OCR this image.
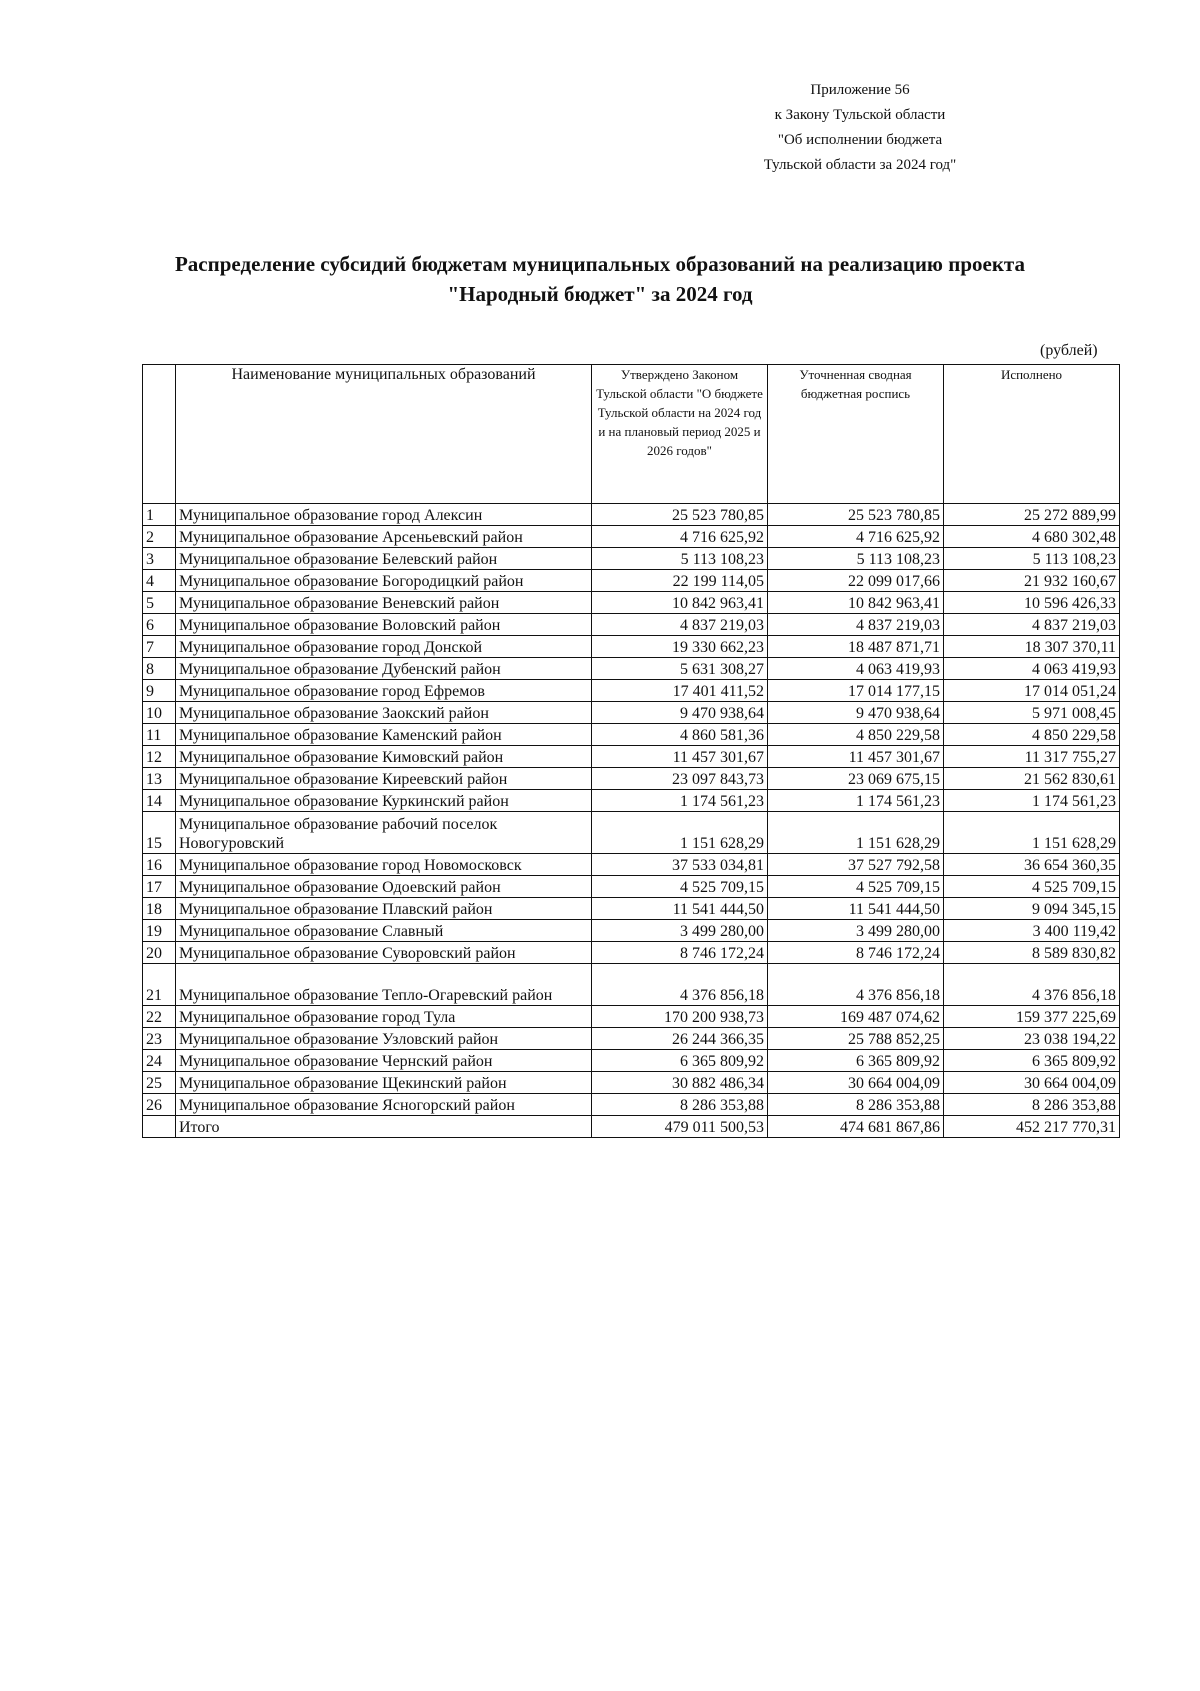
Приложение 56
к Закону Тульской области
"Об исполнении бюджета
Тульской области за 2024 год"
Распределение субсидий бюджетам муниципальных образований на реализацию проекта
"Народный бюджет" за 2024 год
(рублей)
	Наименование муниципальных образований	Утверждено Законом Тульской области "О бюджете Тульской области на 2024 год и на плановый период 2025 и 2026 годов"	Уточненная сводная бюджетная роспись	Исполнено
1	Муниципальное образование город Алексин	25 523 780,85	25 523 780,85	25 272 889,99
2	Муниципальное образование Арсеньевский район	4 716 625,92	4 716 625,92	4 680 302,48
3	Муниципальное образование Белевский район	5 113 108,23	5 113 108,23	5 113 108,23
4	Муниципальное образование Богородицкий район	22 199 114,05	22 099 017,66	21 932 160,67
5	Муниципальное образование Веневский район	10 842 963,41	10 842 963,41	10 596 426,33
6	Муниципальное образование Воловский район	4 837 219,03	4 837 219,03	4 837 219,03
7	Муниципальное образование город Донской	19 330 662,23	18 487 871,71	18 307 370,11
8	Муниципальное образование Дубенский район	5 631 308,27	4 063 419,93	4 063 419,93
9	Муниципальное образование город Ефремов	17 401 411,52	17 014 177,15	17 014 051,24
10	Муниципальное образование Заокский район	9 470 938,64	9 470 938,64	5 971 008,45
11	Муниципальное образование Каменский район	4 860 581,36	4 850 229,58	4 850 229,58
12	Муниципальное образование Кимовский район	11 457 301,67	11 457 301,67	11 317 755,27
13	Муниципальное образование Киреевский район	23 097 843,73	23 069 675,15	21 562 830,61
14	Муниципальное образование Куркинский район	1 174 561,23	1 174 561,23	1 174 561,23
15	Муниципальное образование рабочий поселок Новогуровский	1 151 628,29	1 151 628,29	1 151 628,29
16	Муниципальное образование город Новомосковск	37 533 034,81	37 527 792,58	36 654 360,35
17	Муниципальное образование Одоевский район	4 525 709,15	4 525 709,15	4 525 709,15
18	Муниципальное образование Плавский район	11 541 444,50	11 541 444,50	9 094 345,15
19	Муниципальное образование Славный	3 499 280,00	3 499 280,00	3 400 119,42
20	Муниципальное образование Суворовский район	8 746 172,24	8 746 172,24	8 589 830,82
21	Муниципальное образование Тепло-Огаревский район	4 376 856,18	4 376 856,18	4 376 856,18
22	Муниципальное образование город Тула	170 200 938,73	169 487 074,62	159 377 225,69
23	Муниципальное образование Узловский район	26 244 366,35	25 788 852,25	23 038 194,22
24	Муниципальное образование Чернский район	6 365 809,92	6 365 809,92	6 365 809,92
25	Муниципальное образование Щекинский район	30 882 486,34	30 664 004,09	30 664 004,09
26	Муниципальное образование Ясногорский район	8 286 353,88	8 286 353,88	8 286 353,88
	Итого	479 011 500,53	474 681 867,86	452 217 770,31
